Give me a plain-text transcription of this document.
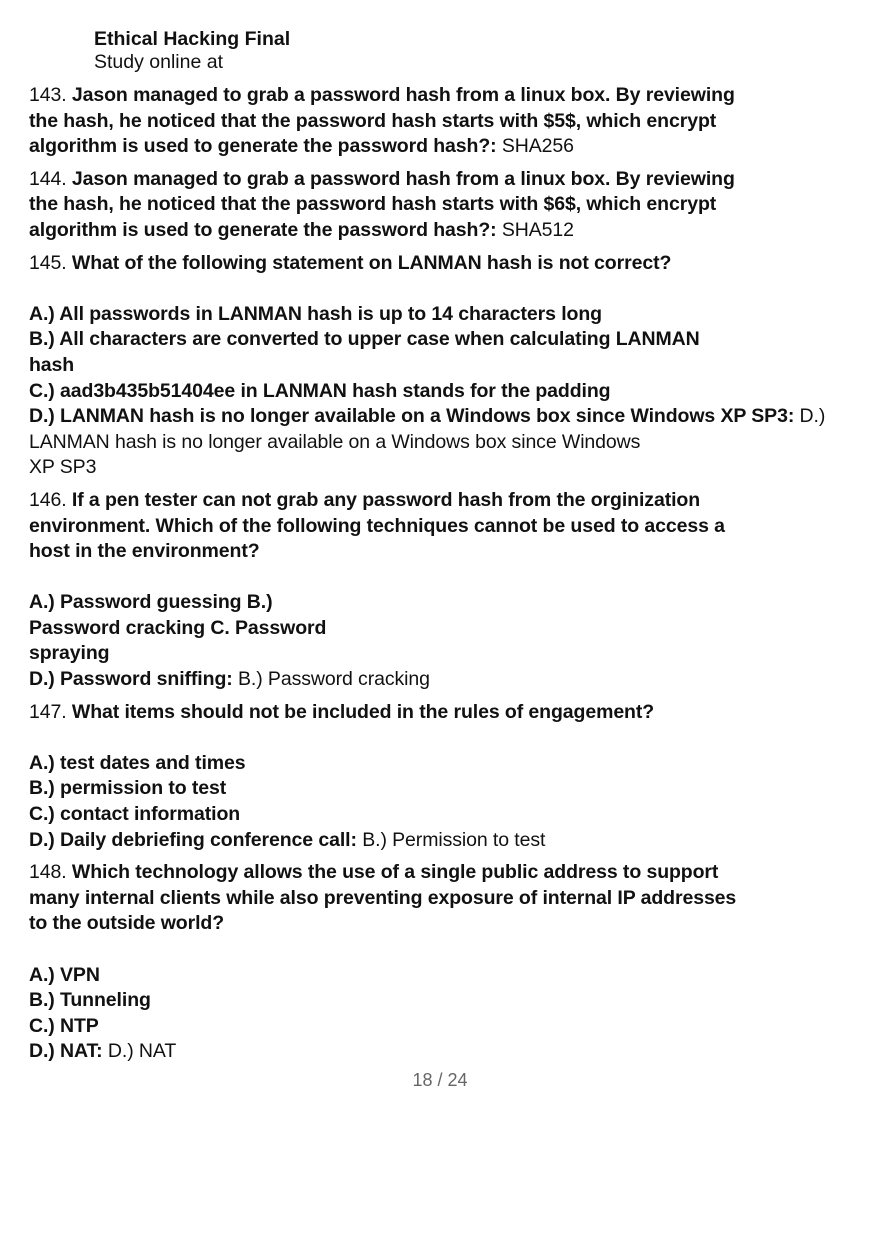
Ethical Hacking Final
Study online at
143. Jason managed to grab a password hash from a linux box. By reviewing
the hash, he noticed that the password hash starts with $5$, which encrypt
algorithm is used to generate the password hash?: SHA256
144. Jason managed to grab a password hash from a linux box. By reviewing
the hash, he noticed that the password hash starts with $6$, which encrypt
algorithm is used to generate the password hash?: SHA512
145. What of the following statement on LANMAN hash is not correct?
A.) All passwords in LANMAN hash is up to 14 characters long
B.) All characters are converted to upper case when calculating LANMAN
hash
C.) aad3b435b51404ee in LANMAN hash stands for the padding
D.) LANMAN hash is no longer available on a Windows box since Windows XP SP3: D.)
LANMAN hash is no longer available on a Windows box since Windows
XP SP3
146. If a pen tester can not grab any password hash from the orginization
environment. Which of the following techniques cannot be used to access a
host in the environment?
A.) Password guessing B.)
Password cracking C. Password
spraying
D.) Password sniffing: B.) Password cracking
147. What items should not be included in the rules of engagement?
A.) test dates and times
B.) permission to test
C.) contact information
D.) Daily debriefing conference call: B.) Permission to test
148. Which technology allows the use of a single public address to support
many internal clients while also preventing exposure of internal IP addresses
to the outside world?
A.) VPN
B.) Tunneling
C.) NTP
D.) NAT: D.) NAT
18 / 24
